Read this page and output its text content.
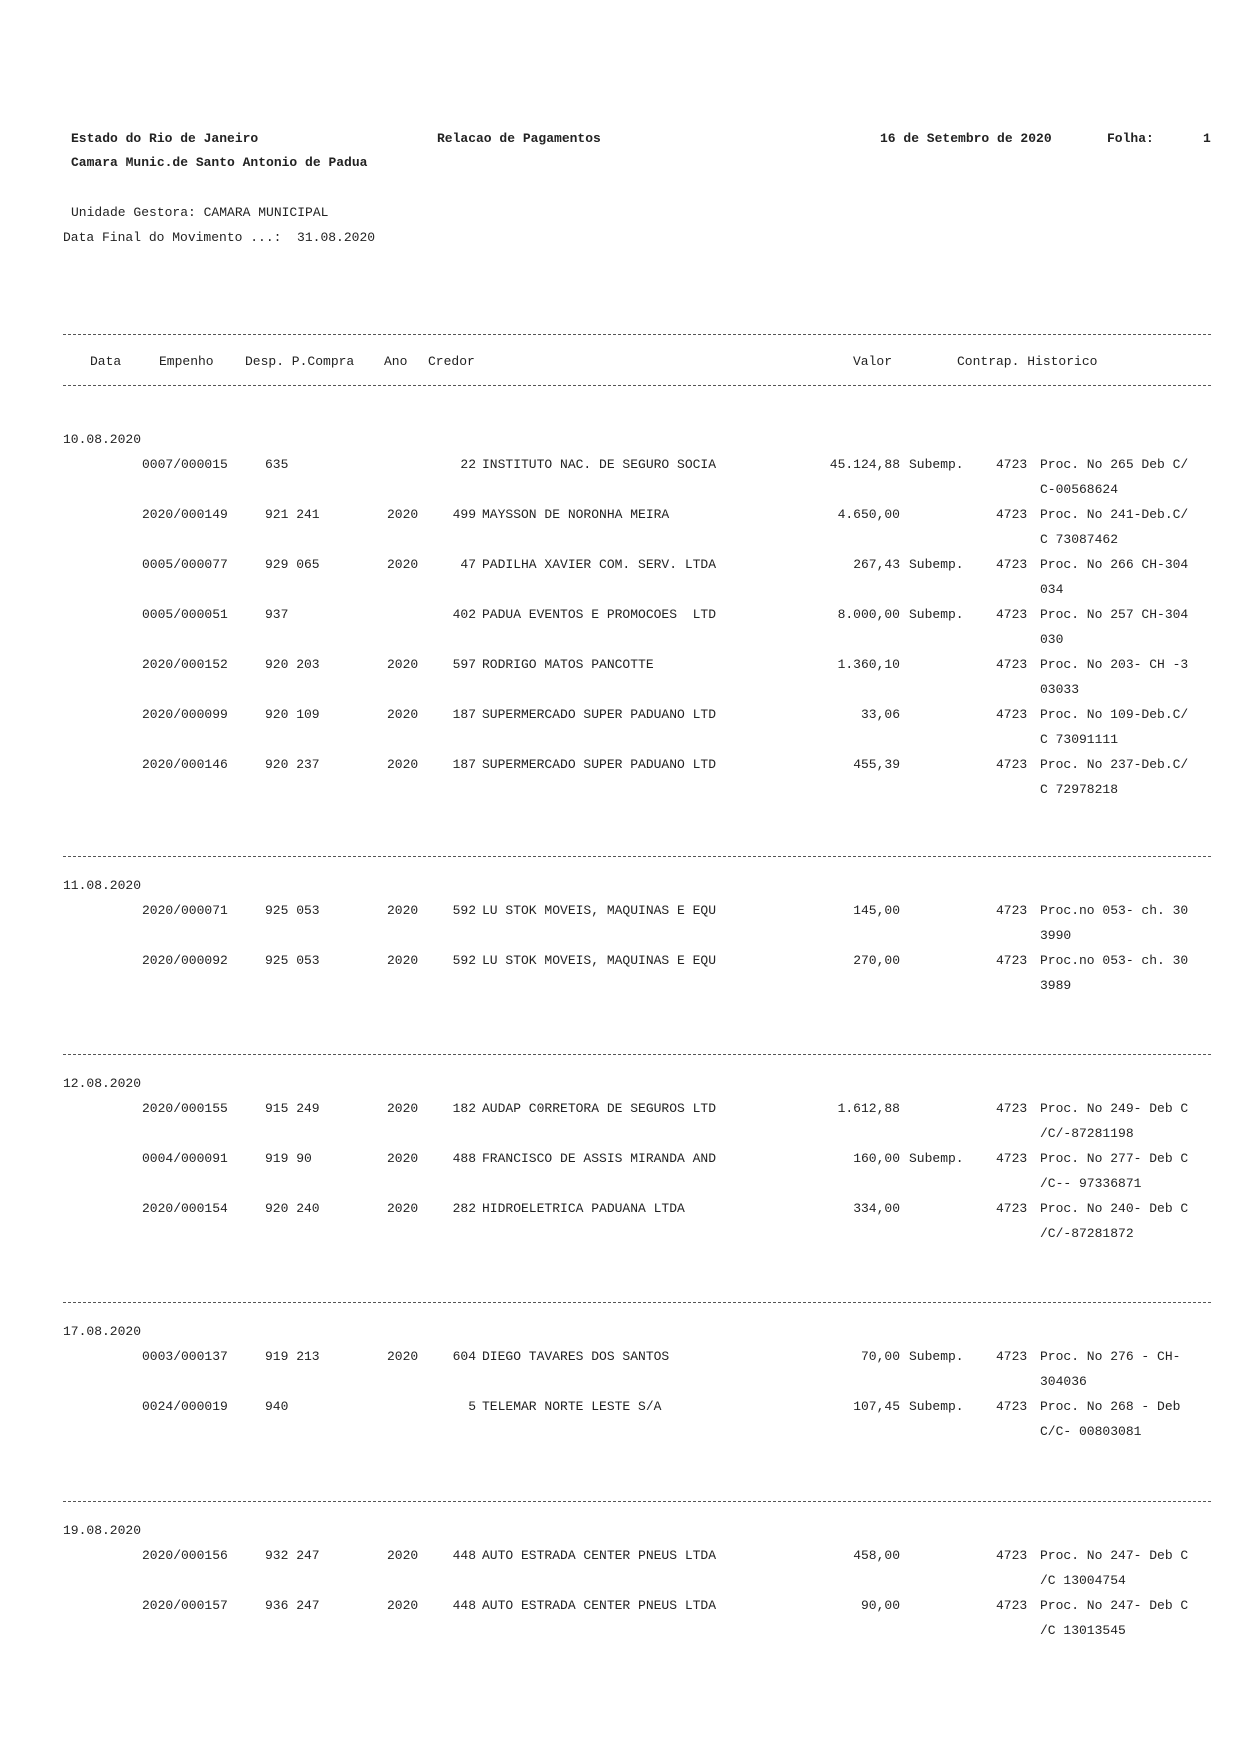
Estado do Rio de Janeiro	Relacao de Pagamentos	16 de Setembro de 2020	Folha:	1
Camara Munic.de Santo Antonio de Padua
Unidade Gestora: CAMARA MUNICIPAL
Data Final do Movimento ...:  31.08.2020
Data	Empenho Desp. P.Compra Ano Credor	Valor	Contrap. Historico
10.08.2020
0007/000015	635	22 INSTITUTO NAC. DE SEGURO SOCIA	45.124,88 Subemp. 4723 Proc. No 265 Deb C/
C-00568624
2020/000149	921 241	2020	499 MAYSSON DE NORONHA MEIRA	4.650,00	4723 Proc. No 241-Deb.C/
C 73087462
0005/000077	929 065	2020	47 PADILHA XAVIER COM. SERV. LTDA	267,43 Subemp. 4723 Proc. No 266 CH-304
034
0005/000051	937	402 PADUA EVENTOS E PROMOCOES  LTD	8.000,00 Subemp. 4723 Proc. No 257 CH-304
030
2020/000152	920 203	2020	597 RODRIGO MATOS PANCOTTE	1.360,10	4723 Proc. No 203- CH -3
03033
2020/000099	920 109	2020	187 SUPERMERCADO SUPER PADUANO LTD	33,06	4723 Proc. No 109-Deb.C/
C 73091111
2020/000146	920 237	2020	187 SUPERMERCADO SUPER PADUANO LTD	455,39	4723 Proc. No 237-Deb.C/
C 72978218
11.08.2020
2020/000071	925 053	2020	592 LU STOK MOVEIS, MAQUINAS E EQU	145,00	4723 Proc.no 053- ch. 30
3990
2020/000092	925 053	2020	592 LU STOK MOVEIS, MAQUINAS E EQU	270,00	4723 Proc.no 053- ch. 30
3989
12.08.2020
2020/000155	915 249	2020	182 AUDAP C0RRETORA DE SEGUROS LTD	1.612,88	4723 Proc. No 249- Deb C
/C/-87281198
0004/000091	919 90	2020	488 FRANCISCO DE ASSIS MIRANDA AND	160,00 Subemp. 4723 Proc. No 277- Deb C
/C-- 97336871
2020/000154	920 240	2020	282 HIDROELETRICA PADUANA LTDA	334,00	4723 Proc. No 240- Deb C
/C/-87281872
17.08.2020
0003/000137	919 213	2020	604 DIEGO TAVARES DOS SANTOS	70,00 Subemp. 4723 Proc. No 276 - CH-
304036
0024/000019	940	5 TELEMAR NORTE LESTE S/A	107,45 Subemp. 4723 Proc. No 268 - Deb
C/C- 00803081
19.08.2020
2020/000156	932 247	2020	448 AUTO ESTRADA CENTER PNEUS LTDA	458,00	4723 Proc. No 247- Deb C
/C 13004754
2020/000157	936 247	2020	448 AUTO ESTRADA CENTER PNEUS LTDA	90,00	4723 Proc. No 247- Deb C
/C 13013545
